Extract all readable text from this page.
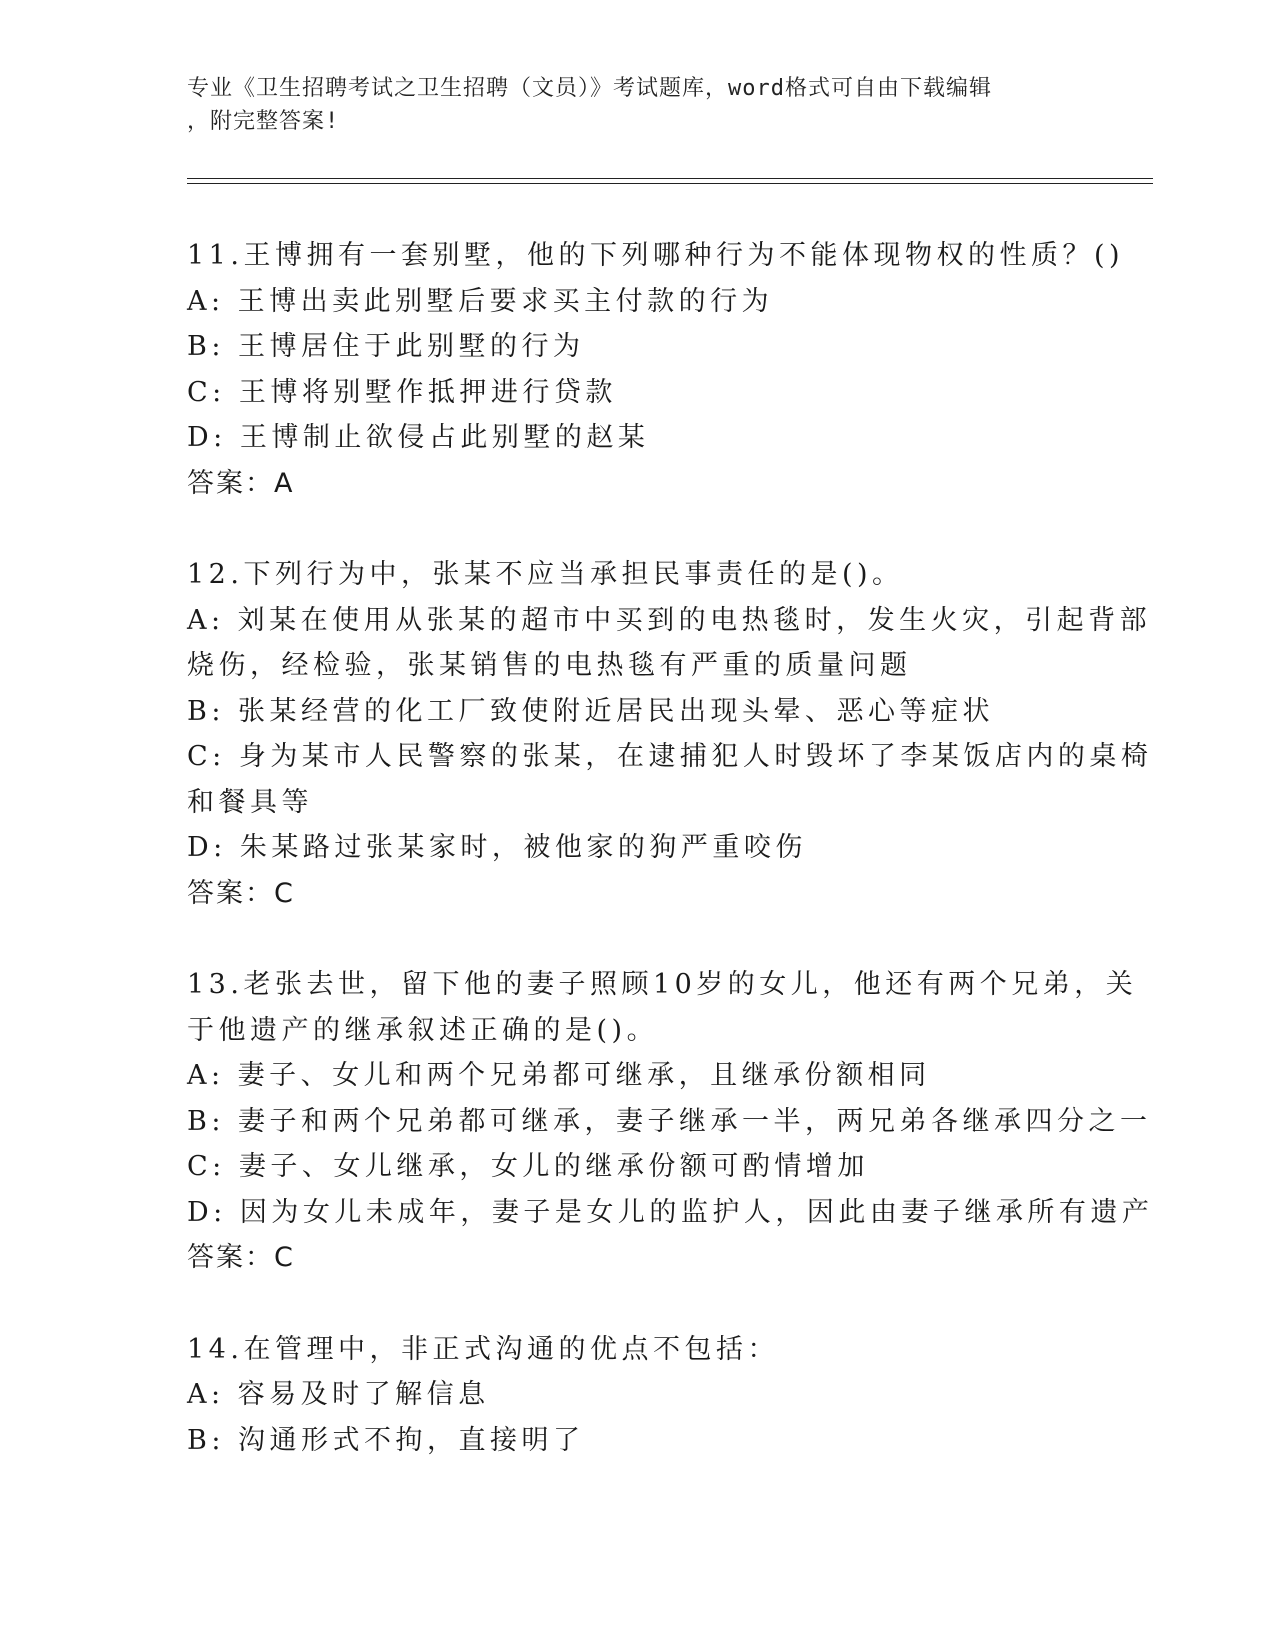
专业《卫生招聘考试之卫生招聘（文员）》考试题库，word格式可自由下载编辑
，附完整答案!
11.王博拥有一套别墅，他的下列哪种行为不能体现物权的性质？()
A: 王博出卖此别墅后要求买主付款的行为
B: 王博居住于此别墅的行为
C: 王博将别墅作抵押进行贷款
D: 王博制止欲侵占此别墅的赵某
答案：A
12.下列行为中，张某不应当承担民事责任的是()。
A: 刘某在使用从张某的超市中买到的电热毯时，发生火灾，引起背部
烧伤，经检验，张某销售的电热毯有严重的质量问题
B: 张某经营的化工厂致使附近居民出现头晕、恶心等症状
C: 身为某市人民警察的张某，在逮捕犯人时毁坏了李某饭店内的桌椅
和餐具等
D: 朱某路过张某家时，被他家的狗严重咬伤
答案：C
13.老张去世，留下他的妻子照顾10岁的女儿，他还有两个兄弟，关
于他遗产的继承叙述正确的是()。
A: 妻子、女儿和两个兄弟都可继承，且继承份额相同
B: 妻子和两个兄弟都可继承，妻子继承一半，两兄弟各继承四分之一
C: 妻子、女儿继承，女儿的继承份额可酌情增加
D: 因为女儿未成年，妻子是女儿的监护人，因此由妻子继承所有遗产
答案：C
14.在管理中，非正式沟通的优点不包括：
A: 容易及时了解信息
B: 沟通形式不拘，直接明了
